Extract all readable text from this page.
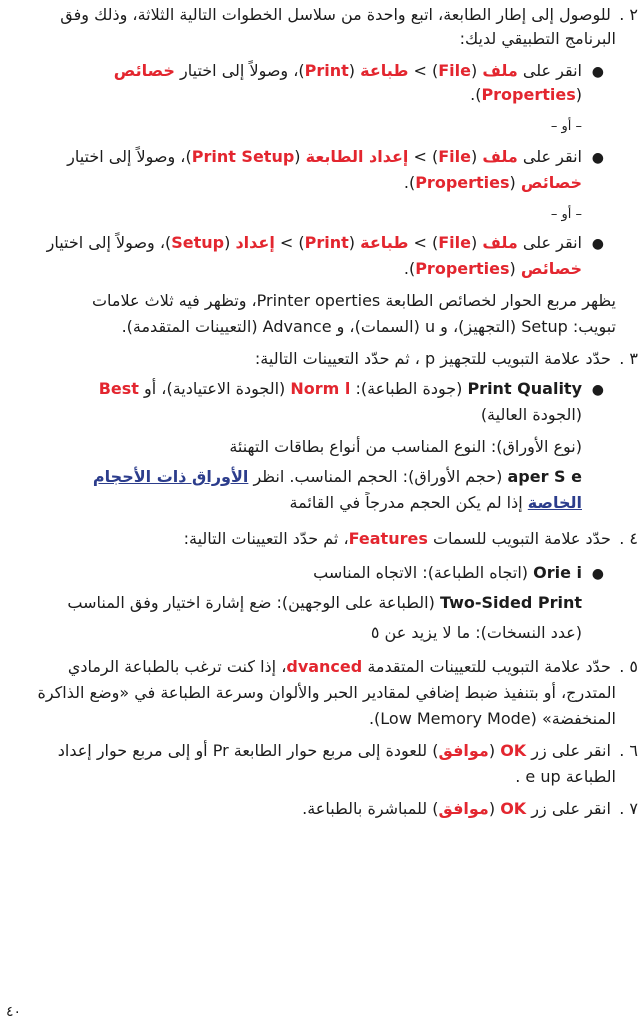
٢ . للوصول إلى إطار الطابعة، اتبع واحدة من سلاسل الخطوات التالية الثلاثة، وذلك وفق
البرنامج التطبيقي لديك:
●
انقر على ملف (File) > طباعة (Print)، وصولاً إلى اختيار خصائص
(Properties).
– أو –
●
انقر على ملف (File) > إعداد الطابعة (Print Setup)، وصولاً إلى اختيار
خصائص (Properties).
– أو –
●
انقر على ملف (File) > طباعة (Print) > إعداد (Setup)، وصولاً إلى اختيار
خصائص (Properties).
يظهر مربع الحوار لخصائص الطابعة Printer operties، وتظهر فيه ثلاث علامات
تبويب: Setup (التجهيز)، و u (السمات)، و Advance (التعيينات المتقدمة).
٣ . حدّد علامة التبويب للتجهيز p ، ثم حدّد التعيينات التالية:
●
Print Quality (جودة الطباعة): Norm l (الجودة الاعتيادية)، أو Best
(الجودة العالية)
(نوع الأوراق): النوع المناسب من أنواع بطاقات التهنئة
aper S e (حجم الأوراق): الحجم المناسب. انظر الأوراق ذات الأحجام
الخاصة إذا لم يكن الحجم مدرجاً في القائمة
٤ . حدّد علامة التبويب للسمات Features، ثم حدّد التعيينات التالية:
●
Orie i (اتجاه الطباعة): الاتجاه المناسب
Two-Sided Print (الطباعة على الوجهين): ضع إشارة اختيار وفق المناسب
(عدد النسخات): ما لا يزيد عن ٥
٥ . حدّد علامة التبويب للتعيينات المتقدمة dvanced، إذا كنت ترغب بالطباعة الرمادي
المتدرج، أو بتنفيذ ضبط إضافي لمقادير الحبر والألوان وسرعة الطباعة في «وضع الذاكرة
المنخفضة» (Low Memory Mode).
٦ . انقر على زر OK (موافق) للعودة إلى مربع حوار الطابعة Pr أو إلى مربع حوار إعداد
الطباعة e up .
٧ . انقر على زر OK (موافق) للمباشرة بالطباعة.
٤٠
